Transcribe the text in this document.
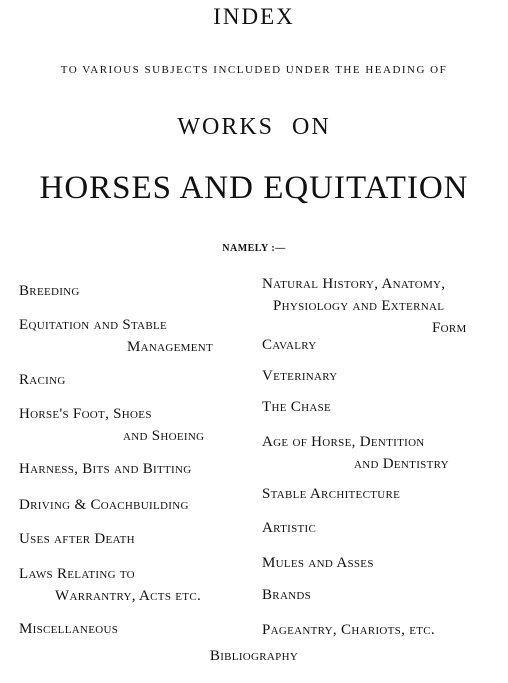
INDEX
TO VARIOUS SUBJECTS INCLUDED UNDER THE HEADING OF
WORKS ON
HORSES AND EQUITATION
NAMELY :—
Breeding
Equitation and Stable
Management
Racing
Horse's Foot, Shoes
and Shoeing
Harness, Bits and Bitting
Driving & Coachbuilding
Uses after Death
Laws Relating to
Warrantry, Acts etc.
Miscellaneous
Natural History, Anatomy,
Physiology and External
Form
Cavalry
Veterinary
The Chase
Age of Horse, Dentition
and Dentistry
Stable Architecture
Artistic
Mules and Asses
Brands
Pageantry, Chariots, etc.
Bibliography
